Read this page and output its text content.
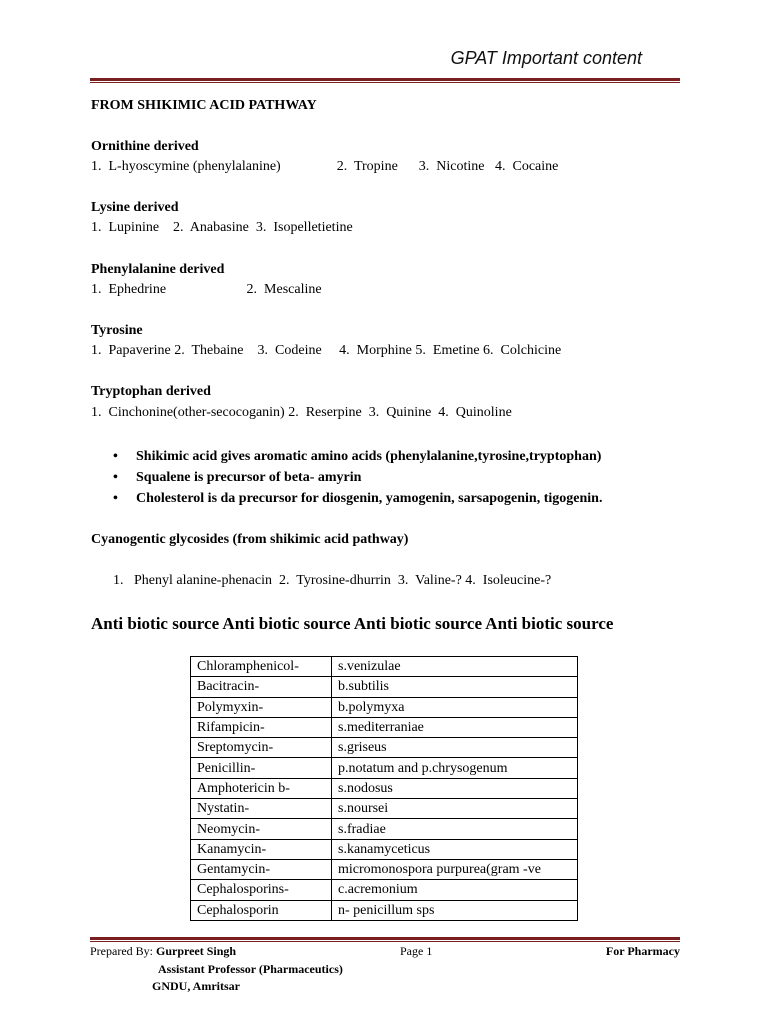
GPAT Important content
FROM SHIKIMIC ACID PATHWAY
Ornithine derived
1.  L-hyoscymine (phenylalanine)                2.  Tropine      3.  Nicotine   4.  Cocaine
Lysine derived
1.  Lupinine    2.  Anabasine  3.  Isopelletietine
Phenylalanine derived
1.  Ephedrine                       2.  Mescaline
Tyrosine
1.  Papaverine 2.  Thebaine    3.  Codeine     4.  Morphine 5.  Emetine 6.  Colchicine
Tryptophan derived
1.  Cinchonine(other-secocoganin) 2.  Reserpine  3.  Quinine  4.  Quinoline
• Shikimic acid gives aromatic amino acids (phenylalanine,tyrosine,tryptophan)
• Squalene is precursor of beta- amyrin
• Cholesterol is da precursor for diosgenin, yamogenin, sarsapogenin, tigogenin.
Cyanogentic glycosides (from shikimic acid pathway)
1.   Phenyl alanine-phenacin  2.  Tyrosine-dhurrin  3.  Valine-? 4.  Isoleucine-?
Anti biotic source Anti biotic source Anti biotic source Anti biotic source
Chloramphenicol-	s.venizulae
Bacitracin-	b.subtilis
Polymyxin-	b.polymyxa
Rifampicin-	s.mediterraniae
Sreptomycin-	s.griseus
Penicillin-	p.notatum and p.chrysogenum
Amphotericin b-	s.nodosus
Nystatin-	s.noursei
Neomycin-	s.fradiae
Kanamycin-	s.kanamyceticus
Gentamycin-	micromonospora purpurea(gram -ve
Cephalosporins-	c.acremonium
Cephalosporin	n- penicillum sps
Prepared By: Gurpreet Singh	Page 1	For Pharmacy
Assistant Professor (Pharmaceutics)
GNDU, Amritsar
